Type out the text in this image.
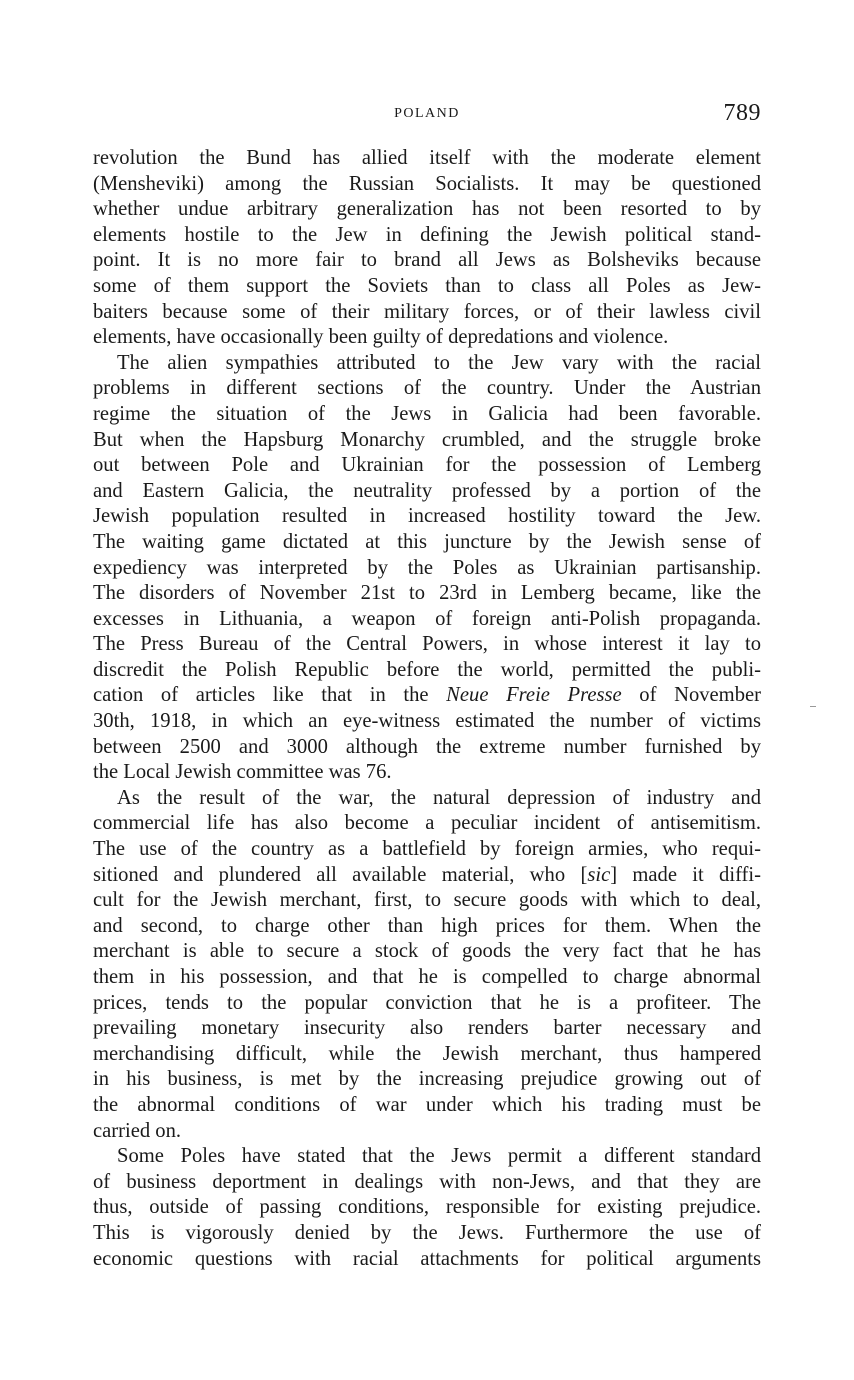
POLAND	789
revolution the Bund has allied itself with the moderate element
(Mensheviki) among the Russian Socialists. It may be questioned
whether undue arbitrary generalization has not been resorted to by
elements hostile to the Jew in defining the Jewish political stand-
point. It is no more fair to brand all Jews as Bolsheviks because
some of them support the Soviets than to class all Poles as Jew-
baiters because some of their military forces, or of their lawless civil
elements, have occasionally been guilty of depredations and violence.
The alien sympathies attributed to the Jew vary with the racial
problems in different sections of the country. Under the Austrian
regime the situation of the Jews in Galicia had been favorable.
But when the Hapsburg Monarchy crumbled, and the struggle broke
out between Pole and Ukrainian for the possession of Lemberg
and Eastern Galicia, the neutrality professed by a portion of the
Jewish population resulted in increased hostility toward the Jew.
The waiting game dictated at this juncture by the Jewish sense of
expediency was interpreted by the Poles as Ukrainian partisanship.
The disorders of November 21st to 23rd in Lemberg became, like the
excesses in Lithuania, a weapon of foreign anti-Polish propaganda.
The Press Bureau of the Central Powers, in whose interest it lay to
discredit the Polish Republic before the world, permitted the publi-
cation of articles like that in the Neue Freie Presse of November
30th, 1918, in which an eye-witness estimated the number of victims
between 2500 and 3000 although the extreme number furnished by
the Local Jewish committee was 76.
As the result of the war, the natural depression of industry and
commercial life has also become a peculiar incident of antisemitism.
The use of the country as a battlefield by foreign armies, who requi-
sitioned and plundered all available material, who [sic] made it diffi-
cult for the Jewish merchant, first, to secure goods with which to deal,
and second, to charge other than high prices for them. When the
merchant is able to secure a stock of goods the very fact that he has
them in his possession, and that he is compelled to charge abnormal
prices, tends to the popular conviction that he is a profiteer. The
prevailing monetary insecurity also renders barter necessary and
merchandising difficult, while the Jewish merchant, thus hampered
in his business, is met by the increasing prejudice growing out of
the abnormal conditions of war under which his trading must be
carried on.
Some Poles have stated that the Jews permit a different standard
of business deportment in dealings with non-Jews, and that they are
thus, outside of passing conditions, responsible for existing prejudice.
This is vigorously denied by the Jews. Furthermore the use of
economic questions with racial attachments for political arguments
